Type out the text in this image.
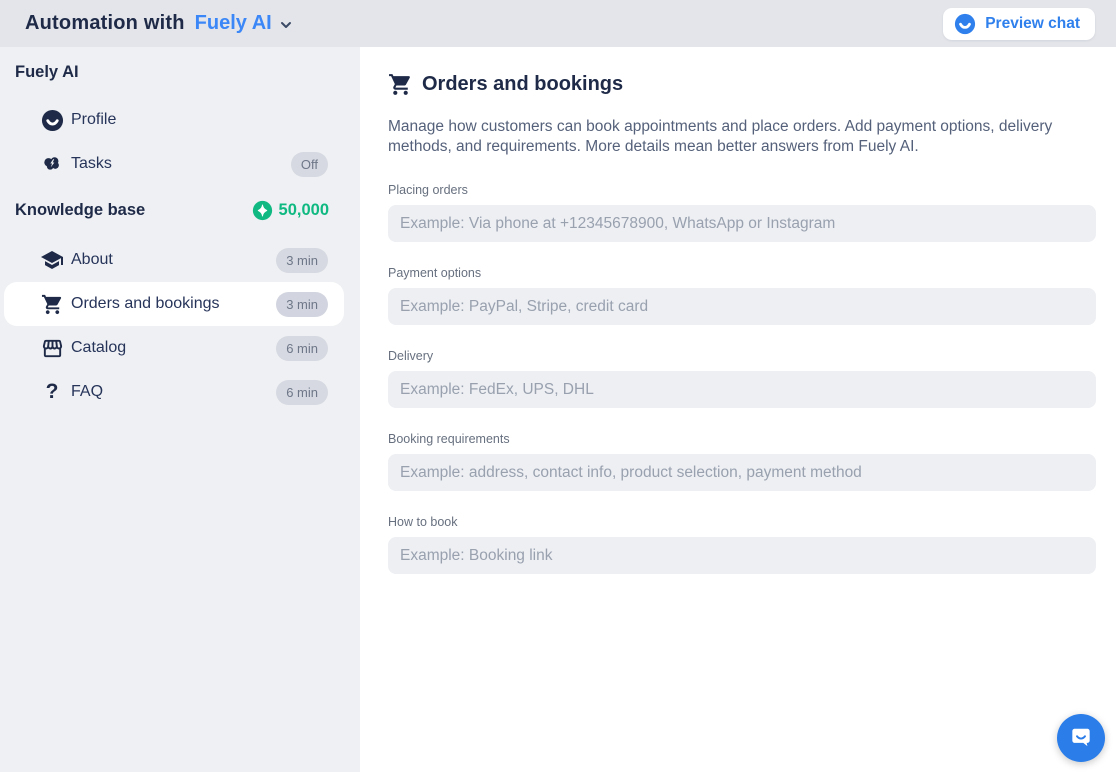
Automation with Fuely AI	Preview chat
Fuely AI
Profile
Tasks	Off
Knowledge base	50,000
About	3 min
Orders and bookings	3 min
Catalog	6 min
? FAQ	6 min
Orders and bookings

Manage how customers can book appointments and place orders. Add payment options, delivery methods, and requirements. More details mean better answers from Fuely AI.

Placing orders
Example: Via phone at +12345678900, WhatsApp or Instagram
Payment options
Example: PayPal, Stripe, credit card
Delivery
Example: FedEx, UPS, DHL
Booking requirements
Example: address, contact info, product selection, payment method
How to book
Example: Booking link
